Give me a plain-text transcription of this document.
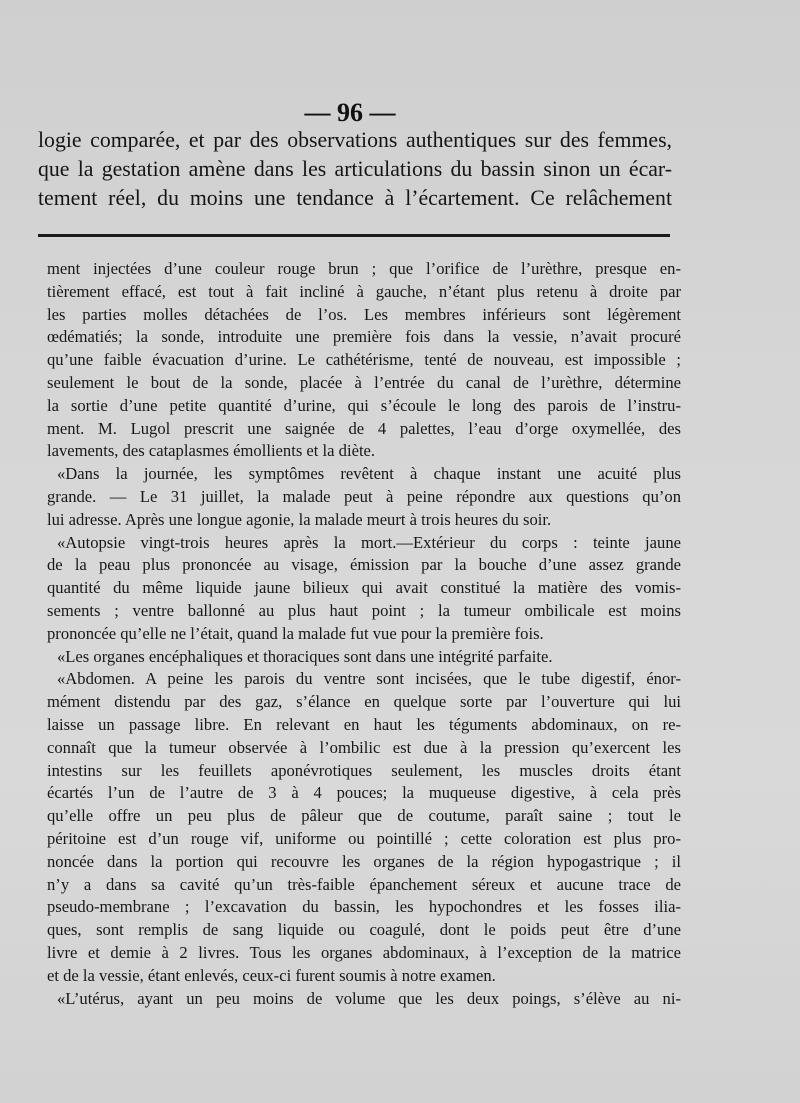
— 96 —
logie comparée, et par des observations authentiques sur des femmes,
que la gestation amène dans les articulations du bassin sinon un écar-
tement réel, du moins une tendance à l’écartement. Ce relâchement
ment injectées d’une couleur rouge brun ; que l’orifice de l’urèthre, presque en-
tièrement effacé, est tout à fait incliné à gauche, n’étant plus retenu à droite par
les parties molles détachées de l’os. Les membres inférieurs sont légèrement
œdématiés; la sonde, introduite une première fois dans la vessie, n’avait procuré
qu’une faible évacuation d’urine. Le cathétérisme, tenté de nouveau, est impossible ;
seulement le bout de la sonde, placée à l’entrée du canal de l’urèthre, détermine
la sortie d’une petite quantité d’urine, qui s’écoule le long des parois de l’instru-
ment. M. Lugol prescrit une saignée de 4 palettes, l’eau d’orge oxymellée, des
lavements, des cataplasmes émollients et la diète.
«Dans la journée, les symptômes revêtent à chaque instant une acuité plus
grande. — Le 31 juillet, la malade peut à peine répondre aux questions qu’on
lui adresse. Après une longue agonie, la malade meurt à trois heures du soir.
«Autopsie vingt-trois heures après la mort.—Extérieur du corps : teinte jaune
de la peau plus prononcée au visage, émission par la bouche d’une assez grande
quantité du même liquide jaune bilieux qui avait constitué la matière des vomis-
sements ; ventre ballonné au plus haut point ; la tumeur ombilicale est moins
prononcée qu’elle ne l’était, quand la malade fut vue pour la première fois.
«Les organes encéphaliques et thoraciques sont dans une intégrité parfaite.
«Abdomen. A peine les parois du ventre sont incisées, que le tube digestif, énor-
mément distendu par des gaz, s’élance en quelque sorte par l’ouverture qui lui
laisse un passage libre. En relevant en haut les téguments abdominaux, on re-
connaît que la tumeur observée à l’ombilic est due à la pression qu’exercent les
intestins sur les feuillets aponévrotiques seulement, les muscles droits étant
écartés l’un de l’autre de 3 à 4 pouces; la muqueuse digestive, à cela près
qu’elle offre un peu plus de pâleur que de coutume, paraît saine ; tout le
péritoine est d’un rouge vif, uniforme ou pointillé ; cette coloration est plus pro-
noncée dans la portion qui recouvre les organes de la région hypogastrique ; il
n’y a dans sa cavité qu’un très-faible épanchement séreux et aucune trace de
pseudo-membrane ; l’excavation du bassin, les hypochondres et les fosses ilia-
ques, sont remplis de sang liquide ou coagulé, dont le poids peut être d’une
livre et demie à 2 livres. Tous les organes abdominaux, à l’exception de la matrice
et de la vessie, étant enlevés, ceux-ci furent soumis à notre examen.
«L’utérus, ayant un peu moins de volume que les deux poings, s’élève au ni-
